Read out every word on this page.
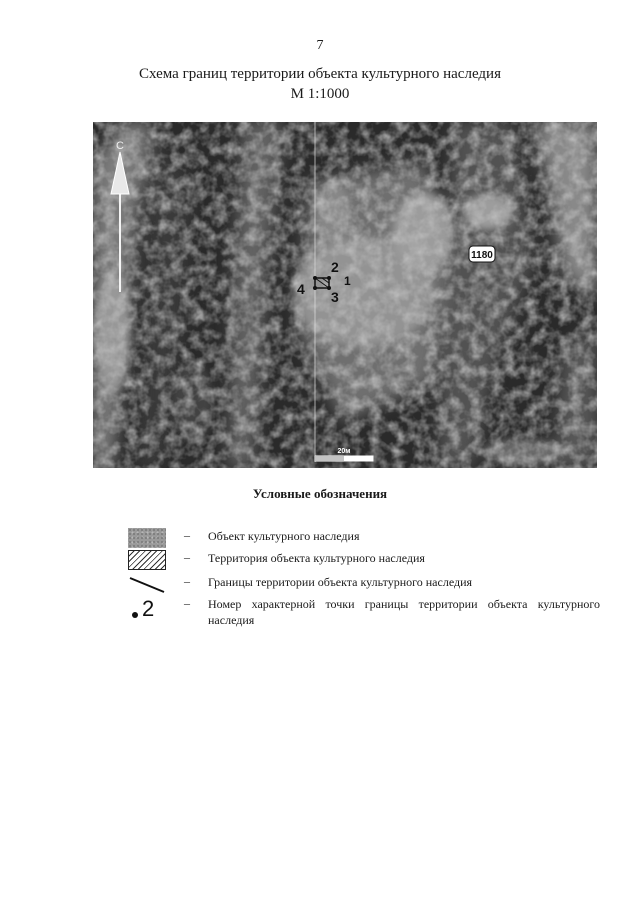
7
Схема границ территории объекта культурного наследия
М 1:1000
С
1180
2
1
3
4
20м
Условные обозначения
– Объект культурного наследия
– Территория объекта культурного наследия
– Границы территории объекта культурного наследия
2 – Номер характерной точки границы территории объекта культурного наследия
